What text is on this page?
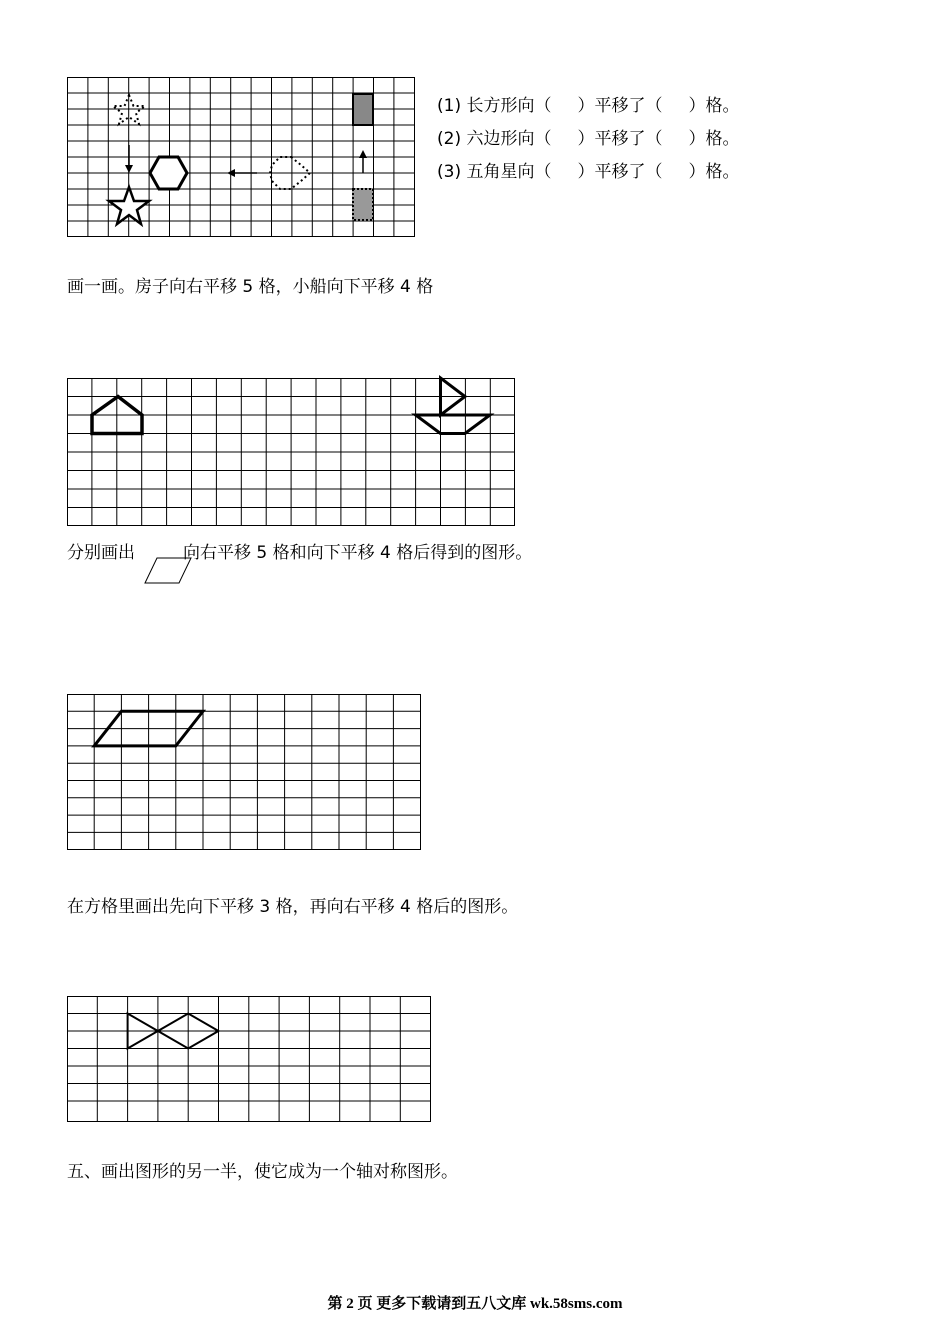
(1) 长方形向（ ）平移了（ ）格。
(2) 六边形向（ ）平移了（ ）格。
(3) 五角星向（ ）平移了（ ）格。
画一画。房子向右平移 5 格，小船向下平移 4 格
分别画出	向右平移 5 格和向下平移 4 格后得到的图形。
在方格里画出先向下平移 3 格，再向右平移 4 格后的图形。
五、画出图形的另一半，使它成为一个轴对称图形。
第 2 页 更多下载请到五八文库 wk.58sms.com
